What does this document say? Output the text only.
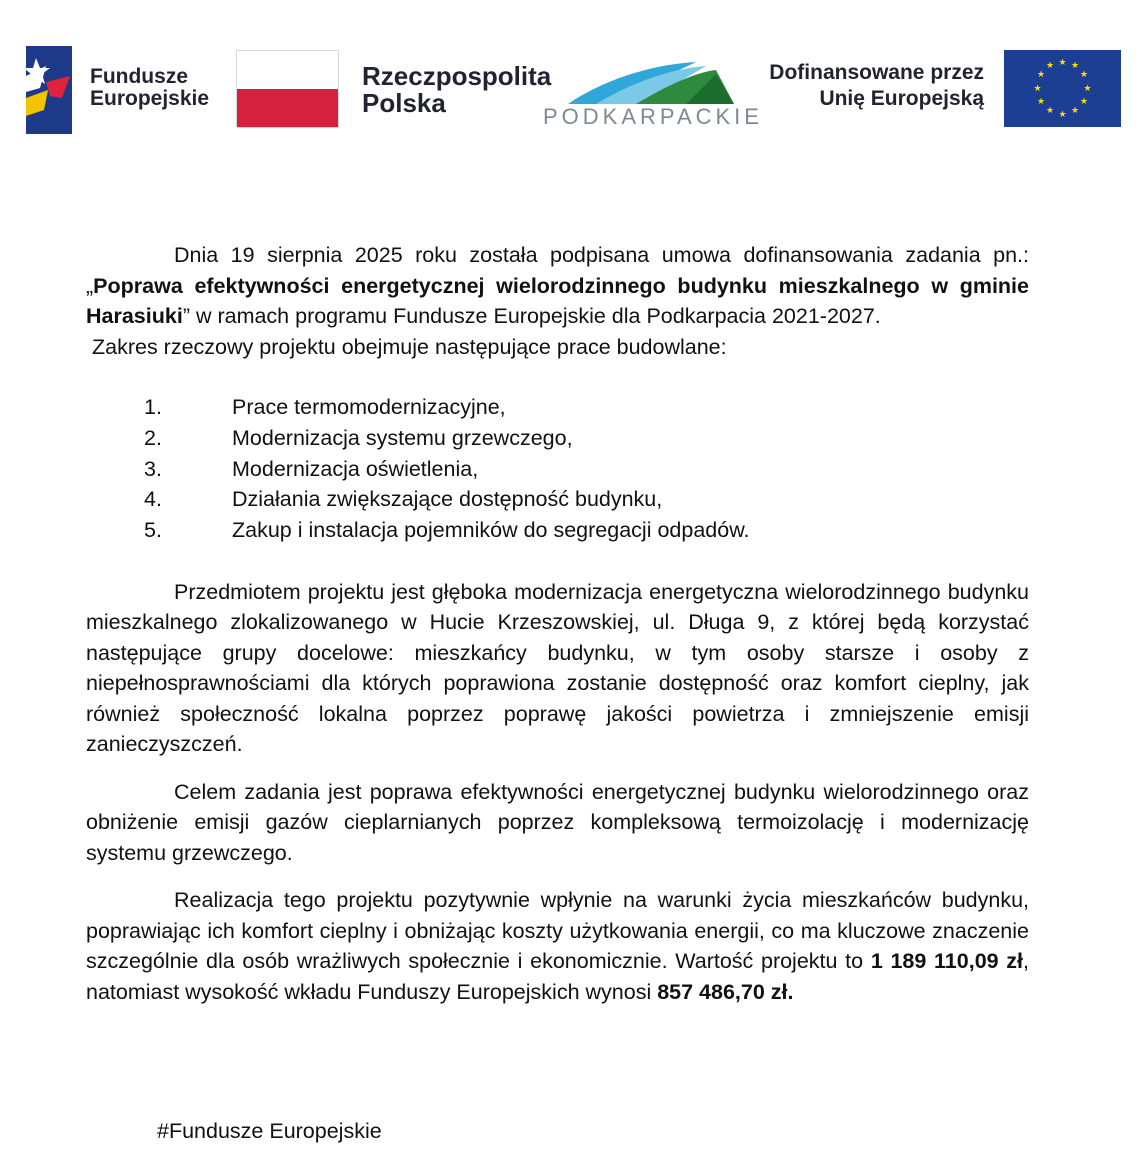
Fundusze
Europejskie
Rzeczpospolita
Polska	PODKARPACKIE
Dofinansowane przez
Unię Europejską
★ ★
★
★
★
★
★
★
★
★
★
★

Dnia 19 sierpnia 2025 roku została podpisana umowa dofinansowania zadania pn.: „Poprawa efektywności energetycznej wielorodzinnego budynku mieszkalnego w gminie Harasiuki” w ramach programu Fundusze Europejskie dla Podkarpacia 2021-2027.

Zakres rzeczowy projektu obejmuje następujące prace budowlane:

1.	Prace termomodernizacyjne,
2.	Modernizacja systemu grzewczego,
3.	Modernizacja oświetlenia,
4.	Działania zwiększające dostępność budynku,
5.	Zakup i instalacja pojemników do segregacji odpadów.

Przedmiotem projektu jest głęboka modernizacja energetyczna wielorodzinnego budynku mieszkalnego zlokalizowanego w Hucie Krzeszowskiej, ul. Długa 9, z której będą korzystać następujące grupy docelowe: mieszkańcy budynku, w tym osoby starsze i osoby z niepełnosprawnościami dla których poprawiona zostanie dostępność oraz komfort cieplny, jak również społeczność lokalna poprzez poprawę jakości powietrza i zmniejszenie emisji zanieczyszczeń.

Celem zadania jest poprawa efektywności energetycznej budynku wielorodzinnego oraz obniżenie emisji gazów cieplarnianych poprzez kompleksową termoizolację i modernizację systemu grzewczego.

Realizacja tego projektu pozytywnie wpłynie na warunki życia mieszkańców budynku, poprawiając ich komfort cieplny i obniżając koszty użytkowania energii, co ma kluczowe znaczenie szczególnie dla osób wrażliwych społecznie i ekonomicznie. Wartość projektu to 1 189 110,09 zł, natomiast wysokość wkładu Funduszy Europejskich wynosi 857 486,70 zł.

#Fundusze Europejskie
